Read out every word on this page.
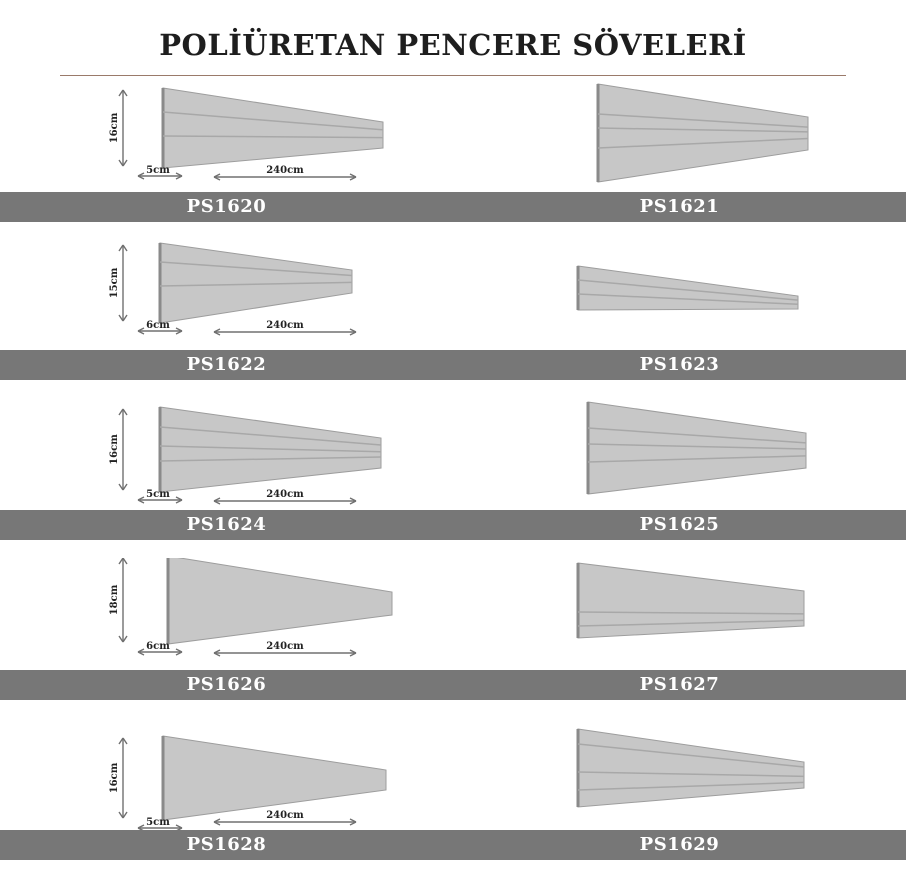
POLİÜRETAN PENCERE SÖVELERİ
16cm
5cm	240cm
PS1620	PS1621
15cm
6cm	240cm
PS1622	PS1623
16cm
5cm	240cm
PS1624	PS1625
18cm
6cm	240cm
PS1626	PS1627
16cm
5cm
240cm
PS1628	PS1629
